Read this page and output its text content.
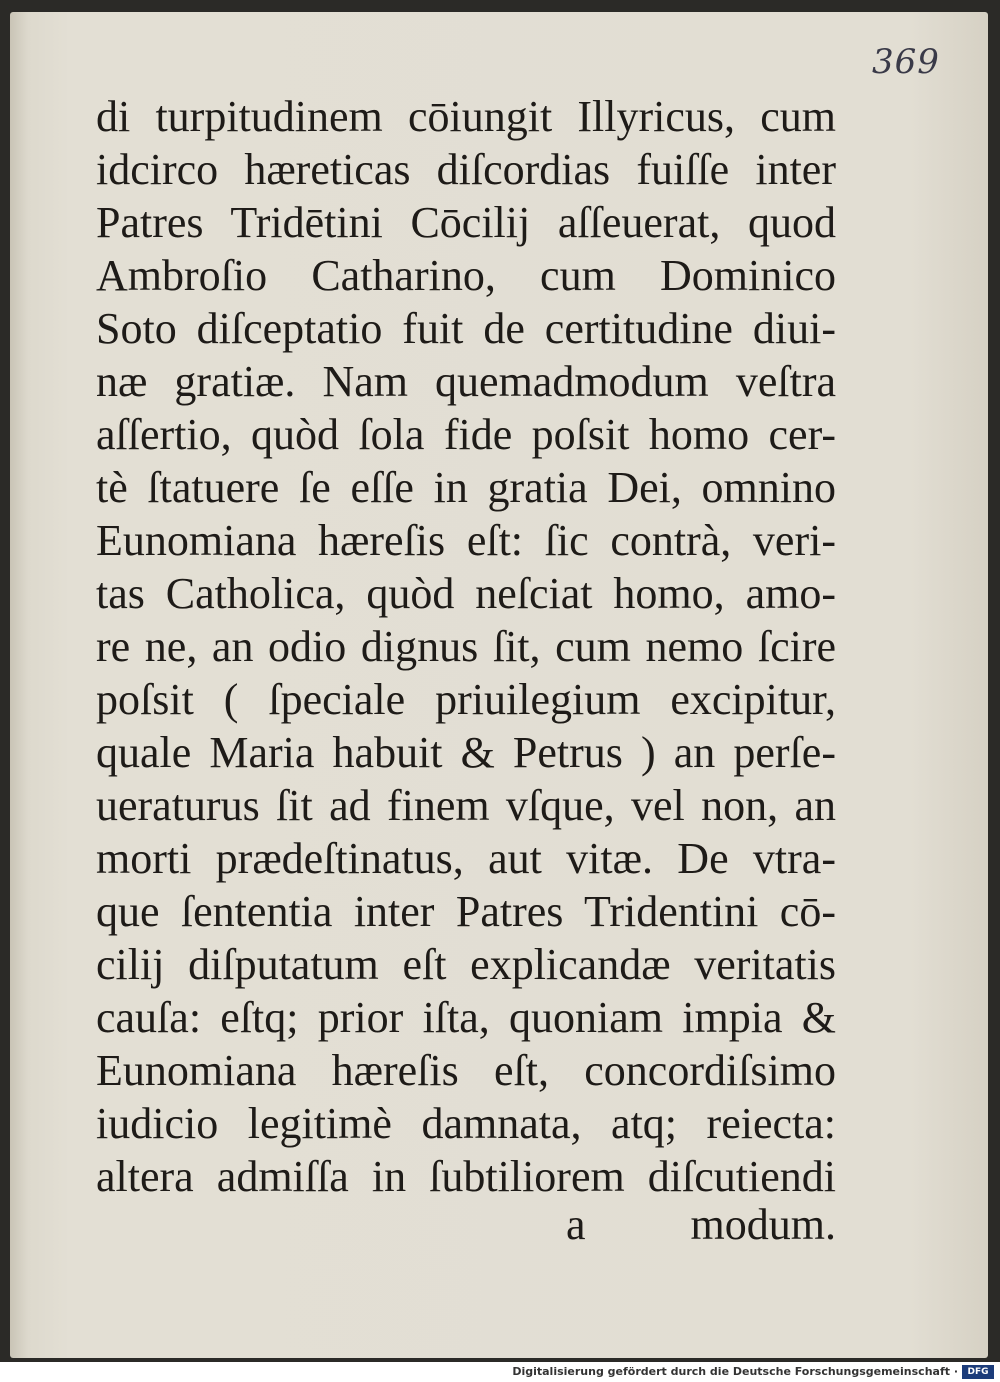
369
di turpitudinem cōiungit Illyricus, cum
idcirco hæreticas diſcordias fuiſſe inter
Patres Tridētini Cōcilij aſſeuerat, quod
Ambroſio Catharino, cum Dominico
Soto diſceptatio fuit de certitudine diui-
næ gratiæ. Nam quemadmodum veſtra
aſſertio, quòd ſola fide poſsit homo cer-
tè ſtatuere ſe eſſe in gratia Dei, omnino
Eunomiana hæreſis eſt: ſic contrà, veri-
tas Catholica, quòd neſciat homo, amo-
re ne, an odio dignus ſit, cum nemo ſcire
poſsit ( ſpeciale priuilegium excipitur,
quale Maria habuit & Petrus ) an perſe-
ueraturus ſit ad finem vſque, vel non, an
morti prædeſtinatus, aut vitæ. De vtra-
que ſententia inter Patres Tridentini cō-
cilij diſputatum eſt explicandæ veritatis
cauſa: eſtq; prior iſta, quoniam impia &
Eunomiana hæreſis eſt, concordiſsimo
iudicio legitimè damnata, atq; reiecta:
altera admiſſa in ſubtiliorem diſcutiendi
a modum.
Digitalisierung gefördert durch die Deutsche Forschungsgemeinschaft ·	DFG
